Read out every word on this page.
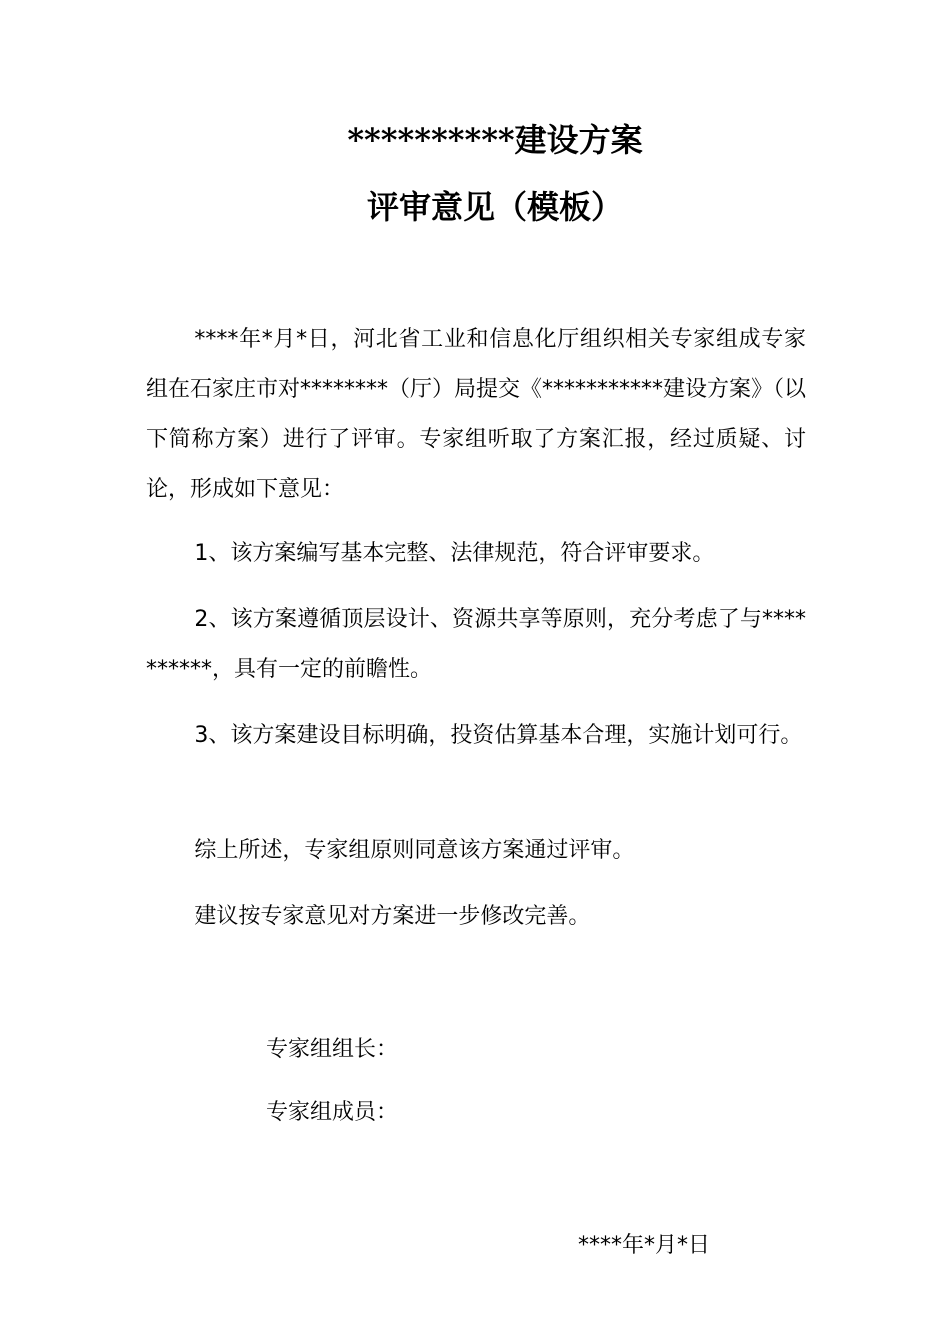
**********建设方案
评审意见（模板）

****年*月*日，河北省工业和信息化厅组织相关专家组成专家组在石家庄市对********（厅）局提交《***********建设方案》（以下简称方案）进行了评审。专家组听取了方案汇报，经过质疑、讨论，形成如下意见：

1、该方案编写基本完整、法律规范，符合评审要求。

2、该方案遵循顶层设计、资源共享等原则，充分考虑了与**********，具有一定的前瞻性。

3、该方案建设目标明确，投资估算基本合理，实施计划可行。

综上所述，专家组原则同意该方案通过评审。

建议按专家意见对方案进一步修改完善。

专家组组长：

专家组成员：

****年*月*日
